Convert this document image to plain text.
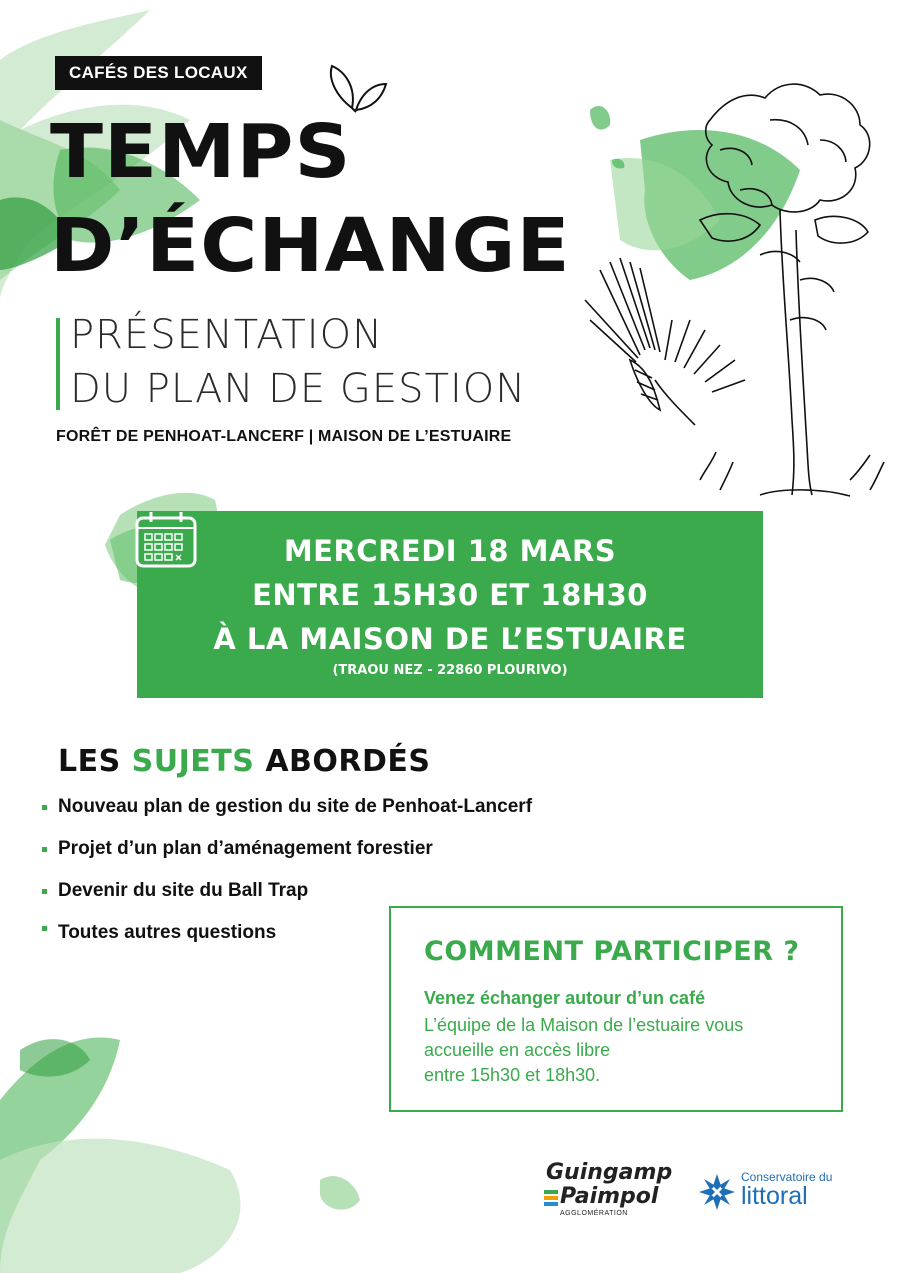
CAFÉS DES LOCAUX
TEMPS
D’ÉCHANGE
PRÉSENTATION
DU PLAN DE GESTION
FORÊT DE PENHOAT-LANCERF | MAISON DE L’ESTUAIRE
MERCREDI 18 MARS
ENTRE 15H30 ET 18H30
À LA MAISON DE L’ESTUAIRE
(TRAOU NEZ - 22860 PLOURIVO)
LES SUJETS ABORDÉS
Nouveau plan de gestion du site de Penhoat-Lancerf
Projet d’un plan d’aménagement forestier
Devenir du site du Ball Trap
Toutes autres questions
COMMENT PARTICIPER ?
Venez échanger autour d’un café
L’équipe de la Maison de l’estuaire vous
accueille en accès libre
entre 15h30 et 18h30.
Guingamp
Paimpol
AGGLOMÉRATION
Conservatoire du
littoral
